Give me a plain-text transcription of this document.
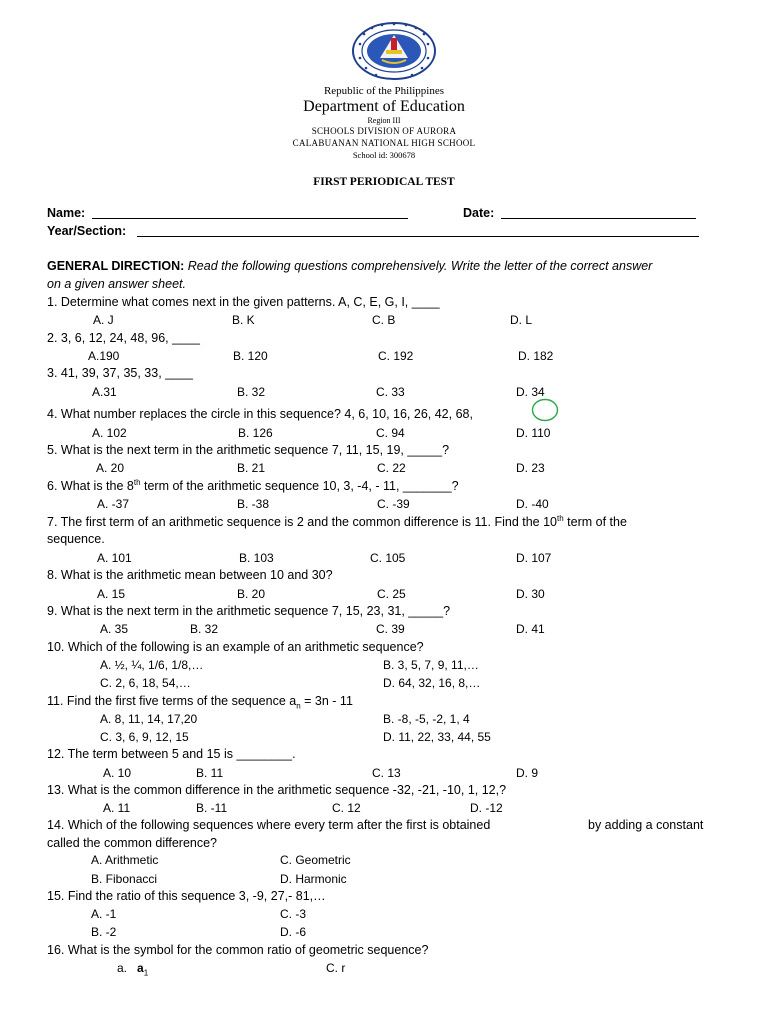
Republic of the Philippines
Department of Education
Region III
SCHOOLS DIVISION OF AURORA
CALABUANAN NATIONAL HIGH SCHOOL
School id: 300678
FIRST PERIODICAL TEST
Name:	Date:
Year/Section:
GENERAL DIRECTION: Read the following questions comprehensively. Write the letter of the correct answer
on a given answer sheet.
1. Determine what comes next in the given patterns. A, C, E, G, I, ____
A. J	B. K	C. B	D. L
2. 3, 6, 12, 24, 48, 96, ____
A.190	B. 120	C. 192	D. 182
3. 41, 39, 37, 35, 33, ____
A.31	B. 32	C. 33	D. 34
4. What number replaces the circle in this sequence? 4, 6, 10, 16, 26, 42, 68,
A. 102	B. 126	C. 94	D. 110
5. What is the next term in the arithmetic sequence 7, 11, 15, 19, _____?
A. 20	B. 21	C. 22	D. 23
6. What is the 8th term of the arithmetic sequence 10, 3, -4, - 11, _______?
A. -37	B. -38	C. -39	D. -40
7. The first term of an arithmetic sequence is 2 and the common difference is 11. Find the 10th term of the
sequence.
A. 101	B. 103	C. 105	D. 107
8. What is the arithmetic mean between 10 and 30?
A. 15	B. 20	C. 25	D. 30
9. What is the next term in the arithmetic sequence 7, 15, 23, 31, _____?
A. 35	B. 32	C. 39	D. 41
10. Which of the following is an example of an arithmetic sequence?
A. ½, ¼, 1/6, 1/8,…	B. 3, 5, 7, 9, 11,…
C. 2, 6, 18, 54,…	D. 64, 32, 16, 8,…
11. Find the first five terms of the sequence $a_n = 3n - 11$
A. 8, 11, 14, 17,20	B. -8, -5, -2, 1, 4
C. 3, 6, 9, 12, 15	D. 11, 22, 33, 44, 55
12. The term between 5 and 15 is ________.
A. 10	B. 11	C. 13	D. 9
13. What is the common difference in the arithmetic sequence -32, -21, -10, 1, 12,?
A. 11	B. -11	C. 12	D. -12
14. Which of the following sequences where every term after the first is obtained	by adding a constant
called the common difference?
A. Arithmetic	C. Geometric
B. Fibonacci	D. Harmonic
15. Find the ratio of this sequence 3, -9, 27,- 81,…
A. -1	C. -3
B. -2	D. -6
16. What is the symbol for the common ratio of geometric sequence?
a. $a_1$	C. r
